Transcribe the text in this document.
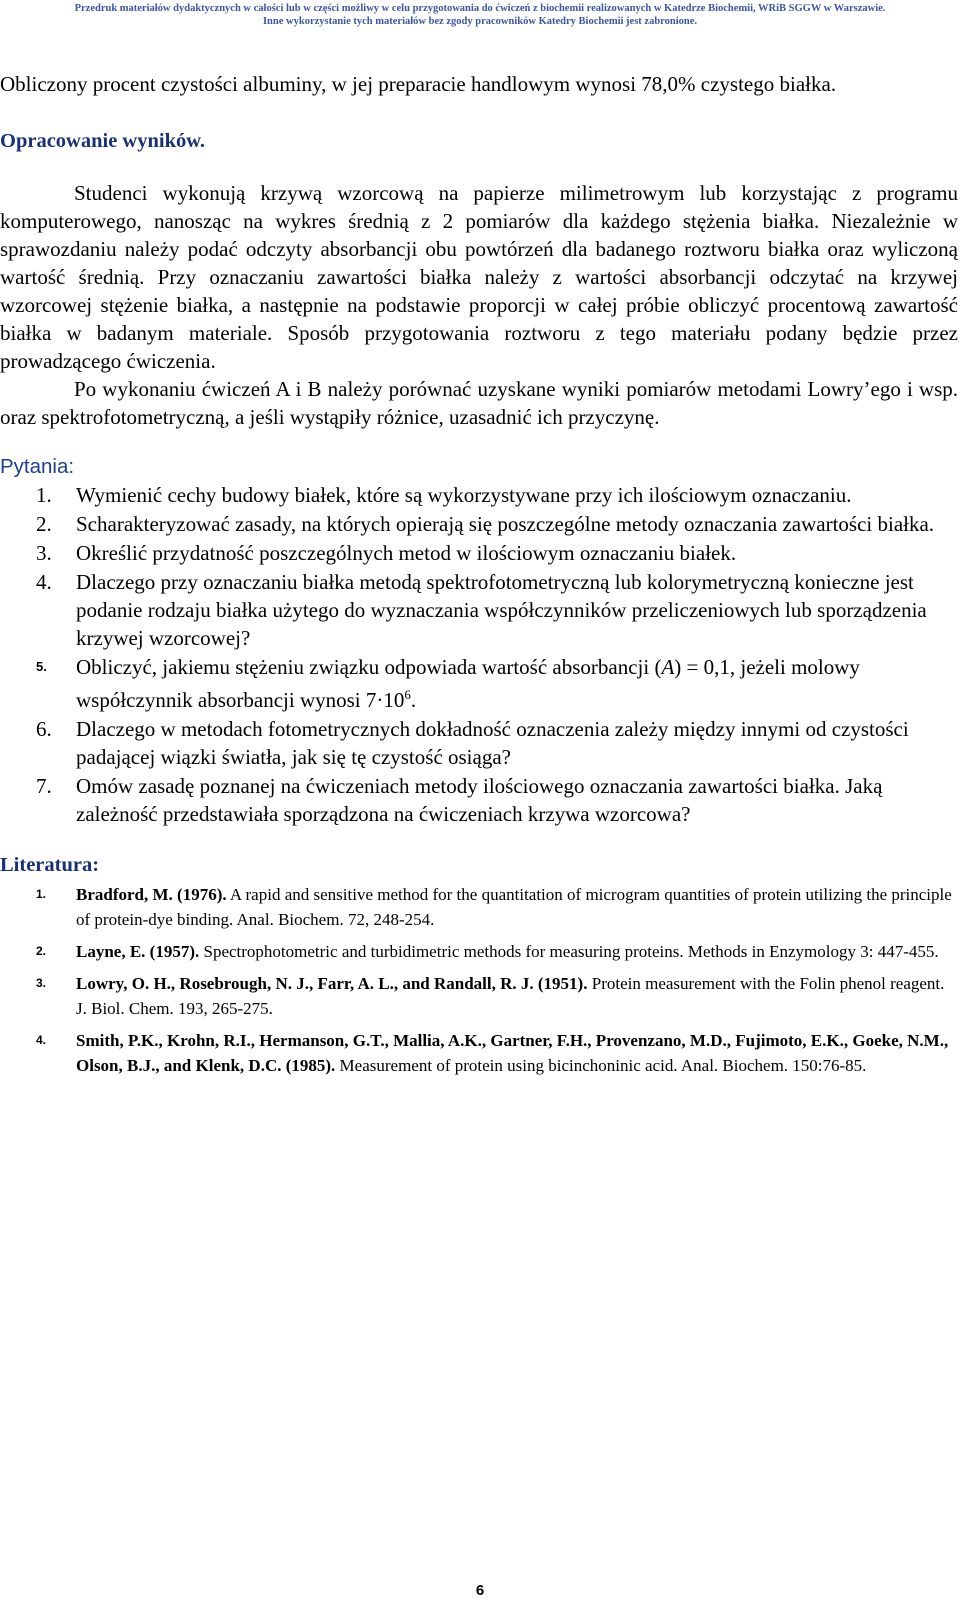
Przedruk materiałów dydaktycznych w całości lub w części możliwy w celu przygotowania do ćwiczeń z biochemii realizowanych w Katedrze Biochemii, WRiB SGGW w Warszawie.
Inne wykorzystanie tych materiałów bez zgody pracowników Katedry Biochemii jest zabronione.

Obliczony procent czystości albuminy, w jej preparacie handlowym wynosi 78,0% czystego białka.

Opracowanie wyników.

Studenci wykonują krzywą wzorcową na papierze milimetrowym lub korzystając z programu komputerowego, nanosząc na wykres średnią z 2 pomiarów dla każdego stężenia białka. Niezależnie w sprawozdaniu należy podać odczyty absorbancji obu powtórzeń dla badanego roztworu białka oraz wyliczoną wartość średnią. Przy oznaczaniu zawartości białka należy z wartości absorbancji odczytać na krzywej wzorcowej stężenie białka, a następnie na podstawie proporcji w całej próbie obliczyć procentową zawartość białka w badanym materiale. Sposób przygotowania roztworu z tego materiału podany będzie przez prowadzącego ćwiczenia.

Po wykonaniu ćwiczeń A i B należy porównać uzyskane wyniki pomiarów metodami Lowry’ego i wsp. oraz spektrofotometryczną, a jeśli wystąpiły różnice, uzasadnić ich przyczynę.

Pytania:
1. Wymienić cechy budowy białek, które są wykorzystywane przy ich ilościowym oznaczaniu.
2. Scharakteryzować zasady, na których opierają się poszczególne metody oznaczania zawartości białka.
3. Określić przydatność poszczególnych metod w ilościowym oznaczaniu białek.
4. Dlaczego przy oznaczaniu białka metodą spektrofotometryczną lub kolorymetryczną konieczne jest podanie rodzaju białka użytego do wyznaczania współczynników przeliczeniowych lub sporządzenia krzywej wzorcowej?
5. Obliczyć, jakiemu stężeniu związku odpowiada wartość absorbancji (A) = 0,1, jeżeli molowy współczynnik absorbancji wynosi $7\cdot 10^6$.
6. Dlaczego w metodach fotometrycznych dokładność oznaczenia zależy między innymi od czystości padającej wiązki światła, jak się tę czystość osiąga?
7. Omów zasadę poznanej na ćwiczeniach metody ilościowego oznaczania zawartości białka. Jaką zależność przedstawiała sporządzona na ćwiczeniach krzywa wzorcowa?
Literatura:
1. Bradford, M. (1976). A rapid and sensitive method for the quantitation of microgram quantities of protein utilizing the principle of protein-dye binding. Anal. Biochem. 72, 248-254.
2. Layne, E. (1957). Spectrophotometric and turbidimetric methods for measuring proteins. Methods in Enzymology 3: 447-455.
3. Lowry, O. H., Rosebrough, N. J., Farr, A. L., and Randall, R. J. (1951). Protein measurement with the Folin phenol reagent. J. Biol. Chem. 193, 265-275.
4. Smith, P.K., Krohn, R.I., Hermanson, G.T., Mallia, A.K., Gartner, F.H., Provenzano, M.D., Fujimoto, E.K., Goeke, N.M., Olson, B.J., and Klenk, D.C. (1985). Measurement of protein using bicinchoninic acid. Anal. Biochem. 150:76-85.
6
